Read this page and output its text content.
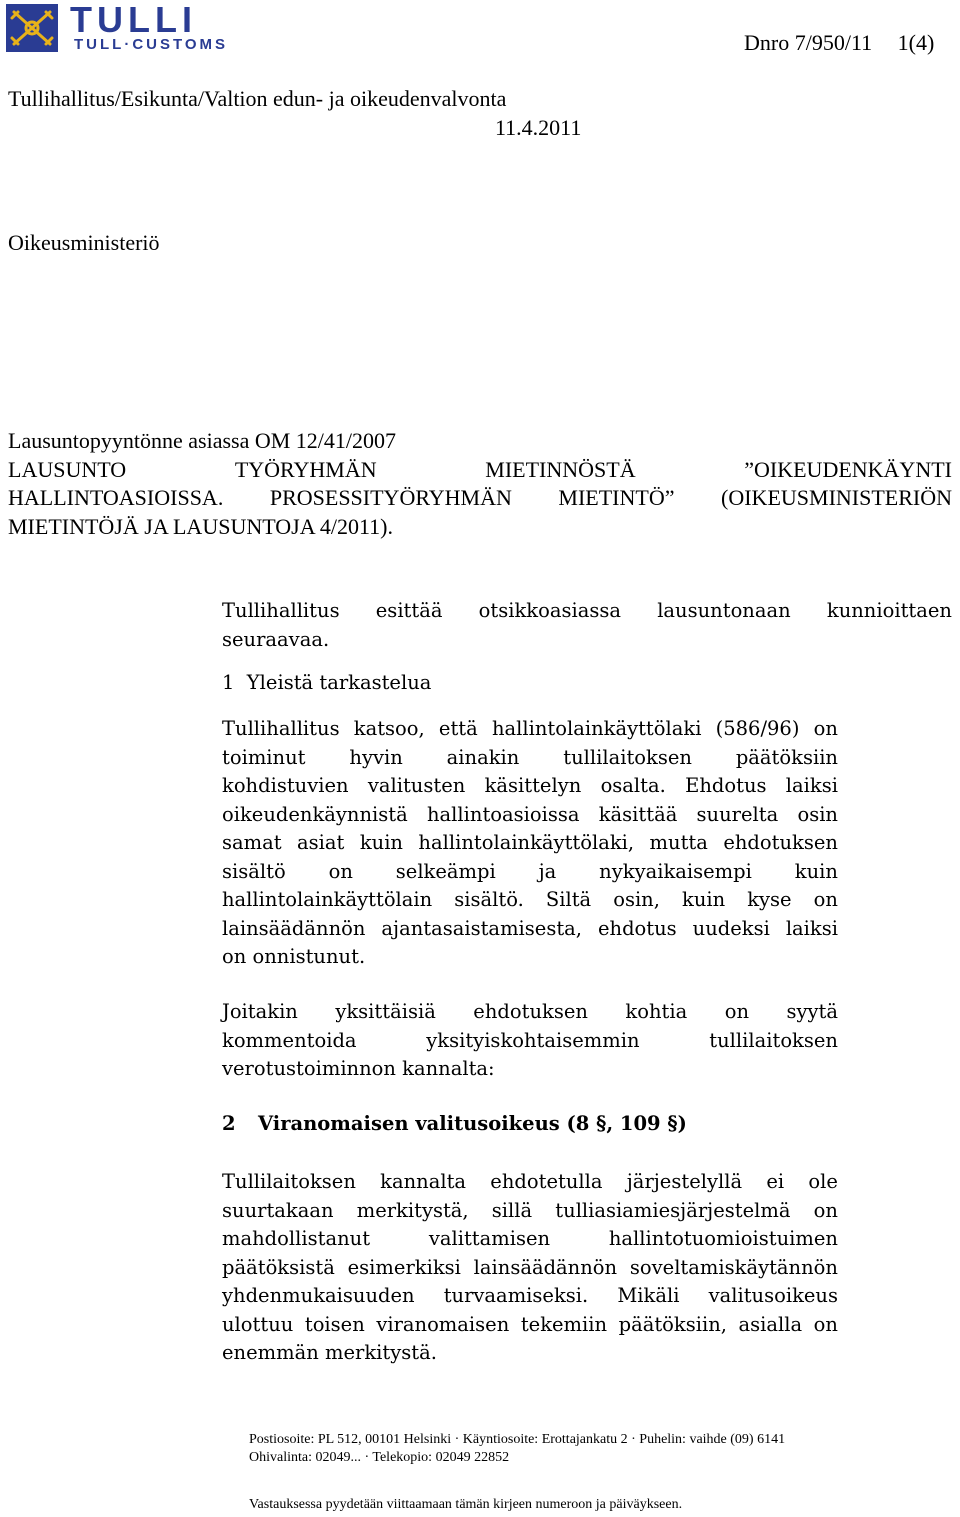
TULLI
TULL·CUSTOMS	Dnro 7/950/11 1(4)
Tullihallitus/Esikunta/Valtion edun- ja oikeudenvalvonta
11.4.2011
Oikeusministeriö
Lausuntopyyntönne asiassa OM 12/41/2007
LAUSUNTO	TYÖRYHMÄN	MIETINNÖSTÄ	”OIKEUDENKÄYNTI
HALLINTOASIOISSA. PROSESSITYÖRYHMÄN MIETINTÖ” (OIKEUSMINISTERIÖN
MIETINTÖJÄ JA LAUSUNTOJA 4/2011).
Tullihallitus esittää otsikkoasiassa lausuntonaan kunnioittaen
seuraavaa.
1  Yleistä tarkastelua
Tullihallitus katsoo, että hallintolainkäyttölaki (586/96) on
toiminut hyvin ainakin tullilaitoksen päätöksiin
kohdistuvien valitusten käsittelyn osalta. Ehdotus laiksi
oikeudenkäynnistä hallintoasioissa käsittää suurelta osin
samat asiat kuin hallintolainkäyttölaki, mutta ehdotuksen
sisältö on selkeämpi ja nykyaikaisempi kuin
hallintolainkäyttölain sisältö. Siltä osin, kuin kyse on
lainsäädännön ajantasaistamisesta, ehdotus uudeksi laiksi
on onnistunut.
Joitakin yksittäisiä ehdotuksen kohtia on syytä
kommentoida	yksityiskohtaisemmin	tullilaitoksen
verotustoiminnon kannalta:
2 Viranomaisen valitusoikeus (8 §, 109 §)
Tullilaitoksen kannalta ehdotetulla järjestelyllä ei ole
suurtakaan merkitystä, sillä tulliasiamiesjärjestelmä on
mahdollistanut	valittamisen	hallintotuomioistuimen
päätöksistä esimerkiksi lainsäädännön soveltamiskäytännön
yhdenmukaisuuden turvaamiseksi. Mikäli valitusoikeus
ulottuu toisen viranomaisen tekemiin päätöksiin, asialla on
enemmän merkitystä.
Postiosoite: PL 512, 00101 Helsinki · Käyntiosoite: Erottajankatu 2 · Puhelin: vaihde (09) 6141
Ohivalinta: 02049... · Telekopio: 02049 22852
Vastauksessa pyydetään viittaamaan tämän kirjeen numeroon ja päiväykseen.
